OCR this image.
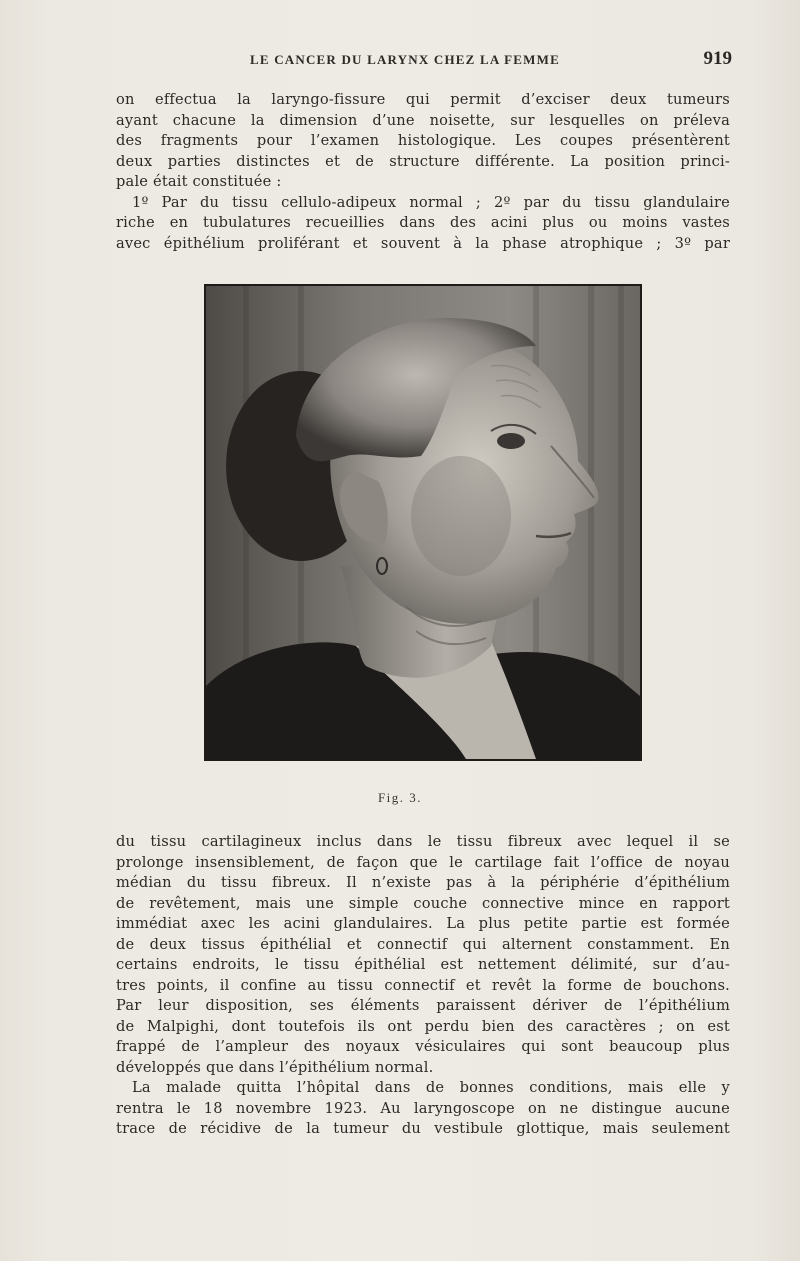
LE CANCER DU LARYNX CHEZ LA FEMME	919

on effectua la laryngo-fissure qui permit d’exciser deux tumeurs
ayant chacune la dimension d’une noisette, sur lesquelles on préleva
des fragments pour l’examen histologique. Les coupes présentèrent
deux parties distinctes et de structure différente. La position princi-
pale était constituée :
1º Par du tissu cellulo-adipeux normal ; 2º par du tissu glandulaire
riche en tubulatures recueillies dans des acini plus ou moins vastes
avec épithélium proliférant et souvent à la phase atrophique ; 3º par

Fig. 3.

du tissu cartilagineux inclus dans le tissu fibreux avec lequel il se
prolonge insensiblement, de façon que le cartilage fait l’office de noyau
médian du tissu fibreux. Il n’existe pas à la périphérie d’épithélium
de revêtement, mais une simple couche connective mince en rapport
immédiat axec les acini glandulaires. La plus petite partie est formée
de deux tissus épithélial et connectif qui alternent constamment. En
certains endroits, le tissu épithélial est nettement délimité, sur d’au-
tres points, il confine au tissu connectif et revêt la forme de bouchons.
Par leur disposition, ses éléments paraissent dériver de l’épithélium
de Malpighi, dont toutefois ils ont perdu bien des caractères ; on est
frappé de l’ampleur des noyaux vésiculaires qui sont beaucoup plus
développés que dans l’épithélium normal.
La malade quitta l’hôpital dans de bonnes conditions, mais elle y
rentra le 18 novembre 1923. Au laryngoscope on ne distingue aucune
trace de récidive de la tumeur du vestibule glottique, mais seulement
